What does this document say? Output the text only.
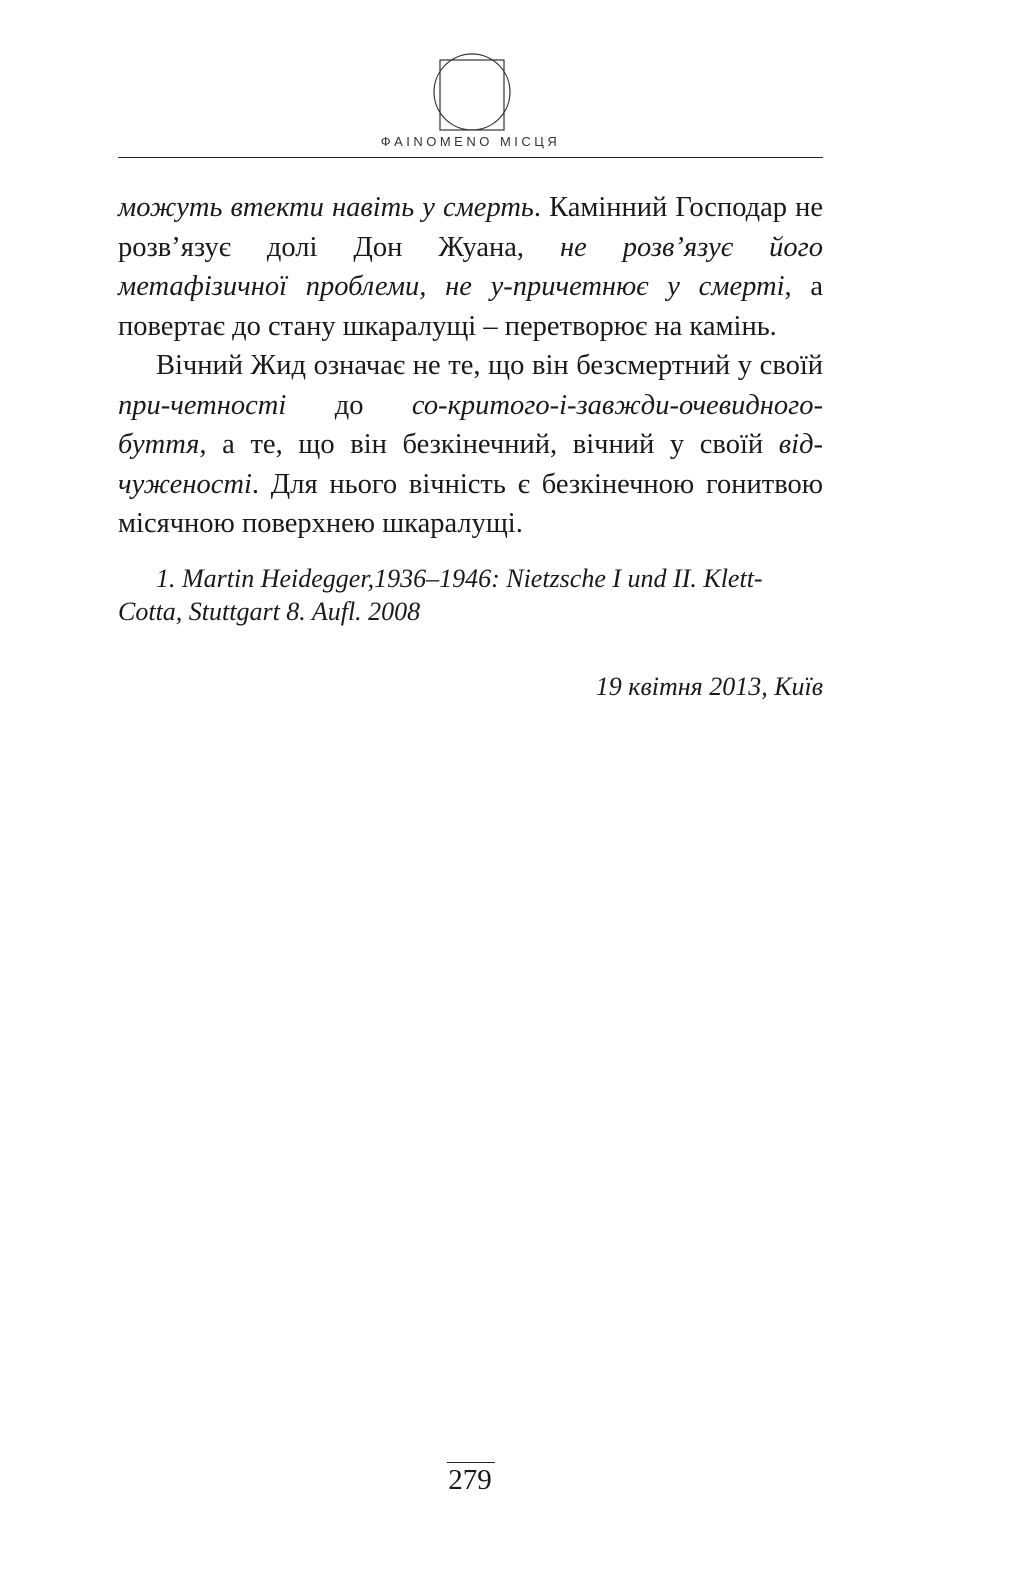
ФAINOMENO МІСЦЯ

можуть втекти навіть у смерть. Камінний Господар не розв’язує долі Дон Жуана, не розв’язує його метафізичної проблеми, не у-причетнює у смерті, а повертає до стану шкаралущі – перетворює на камінь.

Вічний Жид означає не те, що він безсмертний у своїй при-четності до со-критого-і-завжди-очевидного-буття, а те, що він безкінечний, вічний у своїй від-чуженості. Для нього вічність є безкінечною гонитвою місячною поверхнею шкаралущі.

1. Martin Heidegger,1936–1946: Nietzsche I und II. Klett-Cotta, Stuttgart 8. Aufl. 2008
19 квітня 2013, Київ
279
